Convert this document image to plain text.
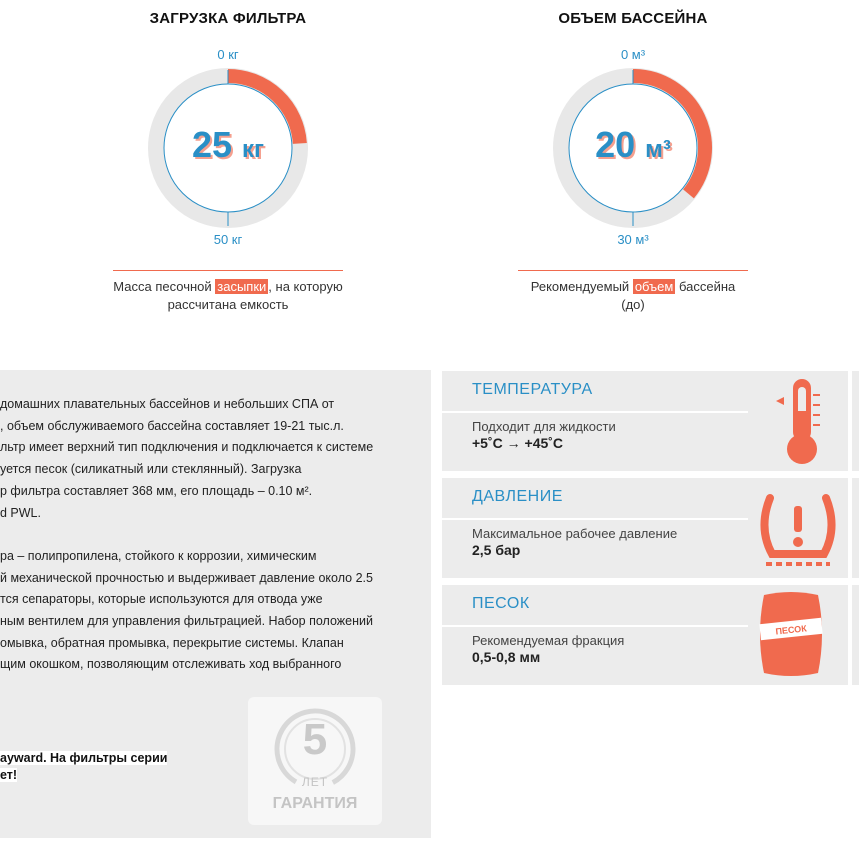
ЗАГРУЗКА ФИЛЬТРА
0 кг
25 кг
50 кг
Масса песочной засыпки , на которую рассчитана емкость
ОБЪЕМ БАССЕЙНА
0 м³
20 м³
30 м³
Рекомендуемый объем бассейна (до)

домашних плавательных бассейнов и небольших СПА от

, объем обслуживаемого бассейна составляет 19-21 тыс.л.

льтр имеет верхний тип подключения и подключается к системе

уется песок (силикатный или стеклянный). Загрузка

р фильтра составляет 368 мм, его площадь – 0.10 м².

d PWL.

ра – полипропилена, стойкого к коррозии, химическим

й механической прочностью и выдерживает давление около 2.5

тся сепараторы, которые используются для отвода уже

ным вентилем для управления фильтрацией. Набор положений

омывка, обратная промывка, перекрытие системы. Клапан

щим окошком, позволяющим отслеживать ход выбранного

ayward. На фильтры серии
ет!
5
ЛЕТ
ГАРАНТИЯ
ТЕМПЕРАТУРА
Подходит для жидкости
+5˚C → +45˚C
ДАВЛЕНИЕ
Максимальное рабочее давление
2,5 бар
ПЕСОК
Рекомендуемая фракция
0,5-0,8 мм
ПЕСОК
